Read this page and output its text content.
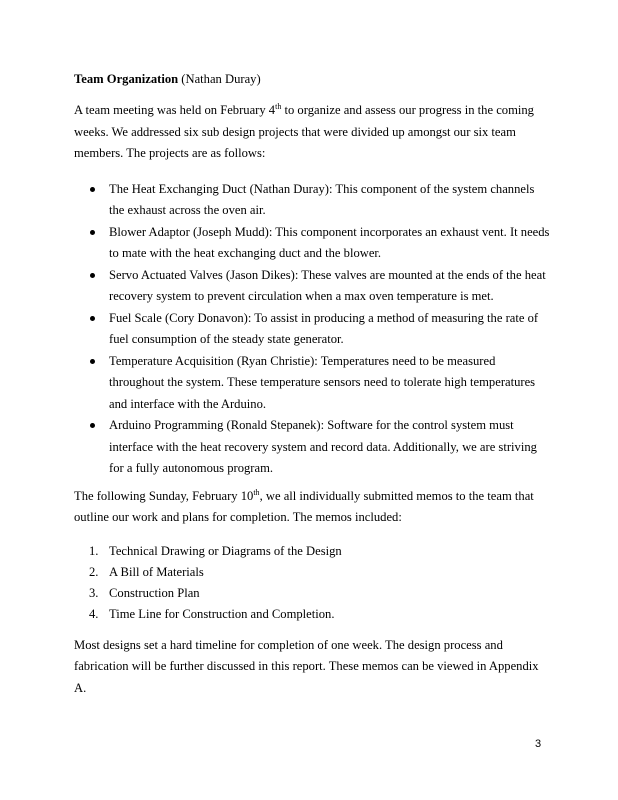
Team Organization (Nathan Duray)

A team meeting was held on February 4th to organize and assess our progress in the coming weeks. We addressed six sub design projects that were divided up amongst our six team members. The projects are as follows:

The Heat Exchanging Duct (Nathan Duray): This component of the system channels the exhaust across the oven air.
Blower Adaptor (Joseph Mudd): This component incorporates an exhaust vent. It needs to mate with the heat exchanging duct and the blower.
Servo Actuated Valves (Jason Dikes): These valves are mounted at the ends of the heat recovery system to prevent circulation when a max oven temperature is met.
Fuel Scale (Cory Donavon): To assist in producing a method of measuring the rate of fuel consumption of the steady state generator.
Temperature Acquisition (Ryan Christie): Temperatures need to be measured throughout the system. These temperature sensors need to tolerate high temperatures and interface with the Arduino.
Arduino Programming (Ronald Stepanek): Software for the control system must interface with the heat recovery system and record data. Additionally, we are striving for a fully autonomous program.

The following Sunday, February 10th, we all individually submitted memos to the team that outline our work and plans for completion. The memos included:

1. Technical Drawing or Diagrams of the Design
2. A Bill of Materials
3. Construction Plan
4. Time Line for Construction and Completion.

Most designs set a hard timeline for completion of one week. The design process and fabrication will be further discussed in this report. These memos can be viewed in Appendix A.

3
